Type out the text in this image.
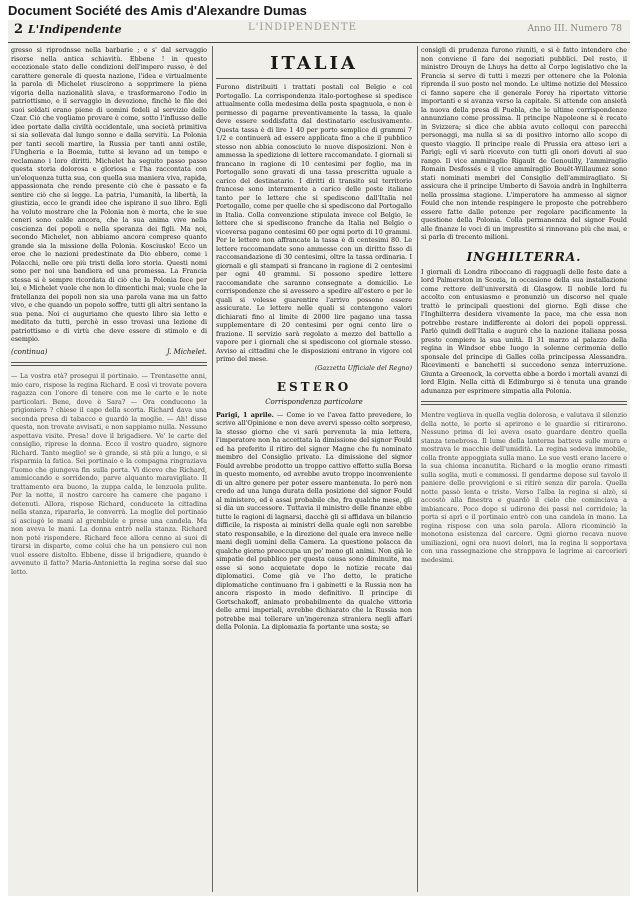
Document Société des Amis d'Alexandre Dumas
2 L'Indipendente	L'INDIPENDENTE	Anno III. Numero 78

gresso si riprodnsse nella barbarie ; e s' dal servaggio risorse nella antica schiavitù. Ebbene ! in questo eccezionale stato delle condizioni dell'impero russo, è del carattere generale di questa nazione, l'idea e virtualmente la parola di Michelet riuscirono a sopprimere la piena vigoria della nazionalità slava, e trasformarono l'odio in patriottismo, e il servaggio in devozione, finchè le file dei suoi soldati erano piene di uomini fedeli al servizio dello Czar. Ciò che vogliamo provare è come, sotto l'influsso delle idee portate dalla civiltà occidentale, una società primitiva si sia sollevata dal lungo sonno e dalla servitù. La Polonia per tanti secoli martire, la Russia per tanti anni ostile, l'Ungheria e la Boemia, tutte si levano ad un tempo e reclamano i loro diritti. Michelet ha seguito passo passo questa storia dolorosa e gloriosa e l'ha raccontata con un'eloquenza tutta sua, con quella sua maniera viva, rapida, appassionata che rende presente ciò che è passato e fa sentire ciò che si legge. La patria, l'umanità, la libertà, la giustizia, ecco le grandi idee che ispirano il suo libro. Egli ha voluto mostrare che la Polonia non è morta, che le sue ceneri sono calde ancora, che la sua anima vive nella coscienza dei popoli e nella speranza dei figli. Ma noi, secondo Michelet, non abbiamo ancora compreso quanto grande sia la missione della Polonia. Kosciusko! Ecco un eroe che le nazioni predestinate da Dio ebbero, come i Polacchi, nelle ore più tristi della loro storia. Questi nomi sono per noi una bandiera ed una promessa. La Francia stessa si è sempre ricordata di ciò che la Polonia fece per lei, e Michelet vuole che non lo dimentichi mai; vuole che la fratellanza dei popoli non sia una parola vana ma un fatto vivo, e che quando un popolo soffre, tutti gli altri sentano la sua pena. Noi ci auguriamo che questo libro sia letto e meditato da tutti, perchè in esso trovasi una lezione di patriottismo e di virtù che deve essere di stimolo e di esempio.

(continua)	J. Michelet.

— La vostra età? prosegui il portinaio. — Trentasette anni, mio caro, rispose la regina Richard. E così vi trovate povera ragazza con l'onore di tenere con me le carte e le note particolari. Bene, dove è Sara? — Ora conducono la prigioniera ? chiese il capo della scorta. Richard dava una seconda presa di tabacco e guardò la moglie. — Ah! disse questa, non trovate avvisati, e non sappiamo nulla. Nessuno aspettava visite. Presa! dove il brigadiere. Ve' le carte del consiglio, riprese la donna. Ecco il vostro quadro, signore Richard. Tanto meglio! se è grande, si stà più a lungo, e si risparmia la fatica. Sei portinaio e la compagna ringraziava l'uomo che giungeva fin sulla porta. Vi dicevo che Richard, ammiccando e sorridendo, parve alquanto maravigliato. Il trattamento era buono, la zuppa calda, le lenzuola pulite. Per la notte, il nostro carcere ha camere che pagano i detenuti. Allora, rispose Richard, conducete la cittadina nella stanza, ripararla, le converrà. La moglie del portinaio si asciugò le mani al grembiule e prese una candela. Ma non aveva le mani. La donna entrò nella stanza. Richard non poté rispondere. Richard fece allora cenno ai suoi di tirarsi in disparte, come colui che ha un pensiero cui non vuol essere distolto. Ebbene, disse il brigadiere, quando è avvenuto il fatto? Maria-Antonietta la regina sorse dal suo letto.

ITALIA

Furono distribuiti i trattati postali col Belgio e col Portogallo. La corrispondenza italo-portoghese si spedisce attualmente colla medesima della posta spagnuola, e non è permesso di pagarne preventivamente la tassa, la quale deve essere soddisfatta dal destinatario esclusivamente. Questa tassa è di lire 1 40 per porto semplice di grammi 7 1/2 e continuerà ad essere applicata fino a che il pubblico stesso non abbia conosciuto le nuove disposizioni. Non è ammessa la spedizione di lettere raccomandate. I giornali si francano in ragione di 10 centesimi per foglio, ma in Portogallo sono gravati di una tassa prescritta uguale a carico del destinatario. I diritti di transito sul territorio francese sono interamente a carico delle poste italiane tanto per le lettere che si spediscono dall'Italia nel Portogallo, come per quelle che si spediscono dal Portogallo in Italia. Colla convenzione stipulata invece col Belgio, le lettere che si spediscono franche da Italia nel Belgio o viceversa pagano centesimi 60 per ogni porto di 10 grammi. Per le lettere non affrancate la tassa è di centesimi 80. Le lettere raccomandate sono ammesse con un diritto fisso di raccomandazione di 30 centesimi, oltre la tassa ordinaria. I giornali e gli stampati si francano in ragione di 2 centesimi per ogni 40 grammi. Si possono spedire lettere raccomandate che saranno consegnate a domicilio. Le corrispondenze che si avessero a spedire all'estero e per le quali si volesse guarentire l'arrivo possono essere assicurate. Le lettere nelle quali si contengono valori dichiarati fino al limite di 2000 lire pagano una tassa supplementare di 20 centesimi per ogni cento lire o frazione. Il servizio sarà regolato a mezzo del battello a vapore per i giornali che si spediscono col giornale stesso. Avviso ai cittadini che le disposizioni entrano in vigore col primo del mese.

(Gazzetta Ufficiale del Regno)

ESTERO
Corrispondenza particolare

Parigi, 1 aprile. — Come io ve l'avea fatto prevedere, lo scrivo all'Opinione e non deve avervi spesso colto sorpreso, la stesso giorno che vi sarà pervenuta la mia lettera, l'imperatore non ha accettata la dimissione del signor Fould ed ha preferito il ritiro del signor Magne che fu nominato membro del Consiglio privato. La dimissione del signor Fould avrebbe prodotto un troppo cattivo effetto sulla Borsa in questo momento, ed avrebbe avuto troppo inconveniente di un altro genere per poter essere mantenuta. Io però non credo ad una lunga durata della posizione del signor Fould al ministero, ed è assai probabile che, fra qualche mese, gli si dia un successore. Tuttavia il ministro delle finanze ebbe tutte le ragioni di lagnarsi, dacchè gli si affidava un bilancio difficile, la risposta ai ministri della quale egli non sarebbe stato responsabile, e la direzione del quale era invece nelle mani degli uomini della Camera. La questione polacca da qualche giorno preoccupa un po' meno gli animi. Non già le simpatie del pubblico per questa causa sono diminuite, ma esse si sono acquietate dopo le notizie recate dai diplomatici. Come già ve l'ho detto, le pratiche diplomatiche continuano fra i gabinetti e la Russia non ha ancora risposto in modo definitivo. Il principe di Gortschakoff, animato probabilmente da qualche vittoria delle armi imperiali, avrebbe dichiarato che la Russia non potrebbe mai tollerare un'ingerenza straniera negli affari della Polonia. La diplomazia fa portante una sosta; se

consigli di prudenza furono riuniti, e si è fatto intendere che non conviene il fare dei negoziati pubblici. Del resto, il ministro Drouyn de Lhuys ha detto al Corpo legislativo che la Francia si serve di tutti i mezzi per ottenere che la Polonia riprenda il suo posto nel mondo. Le ultime notizie del Messico ci fanno sapere che il generale Forey ha riportato vittorie importanti e si avanza verso la capitale. Si attende con ansietà la nuova della presa di Puebla, che le ultime corrispondenze annunziano come prossima. Il principe Napoleone si è recato in Svizzera; si dice che abbia avuto colloqui con parecchi personaggi, ma nulla si sa di positivo intorno allo scopo di questo viaggio. Il principe reale di Prussia era atteso ieri a Parigi; egli vi sarà ricevuto con tutti gli onori dovuti al suo rango. Il vice ammiraglio Rigault de Genouilly, l'ammiraglio Romain Desfossés e il vice ammiraglio Bouët-Willaumez sono stati nominati membri del Consiglio dell'ammiragliato. Si assicura che il principe Umberto di Savoia andrà in Inghilterra nella prossima stagione. L'imperatore ha ammesso al signor Fould che non intende respingere le proposte che potrebbero essere fatte dalle potenze per regolare pacificamente la questione della Polonia. Colla permanenza del signor Fould alle finanze le voci di un imprestito si rinnovano più che mai, e si parla di trecento milioni.

INGHILTERRA.

I giornali di Londra riboccano di ragguagli delle feste date a lord Palmerston in Scozia, in occasione della sua installazione come rettore dell'università di Glasgow. Il nobile lord fu accolto con entusiasmo e pronunziò un discorso nel quale trattò le principali questioni del giorno. Egli disse che l'Inghilterra desidera vivamente la pace, ma che essa non potrebbe restare indifferente ai dolori dei popoli oppressi. Parlò quindi dell'Italia e augurò che la nazione italiana possa presto compiere la sua unità. Il 31 marzo al palazzo della regina in Windsor ebbe luogo la solenne cerimonia dello sponsale del principe di Galles colla principessa Alessandra. Ricevimenti e banchetti si succedono senza interruzione. Giunta a Greenock, la corvetta ebbe a bordo i mortali avanzi di lord Elgin. Nella città di Edimburgo si è tenuta una grande adunanza per esprimere simpatia alla Polonia.

Mentre veglieva in quella veglia dolorosa, e valutava il silenzio della notte, le porte si aprirono e le guardie si ritirarono. Nessuno prima di lei aveva osato guardare dentro quella stanza tenebrosa. Il lume della lanterna batteva sulle mura e mostrava le macchie dell'umidità. La regina sedeva immobile, colla fronte appoggiata sulla mano. Le sue vesti erano lacere e la sua chioma incanutita. Richard e la moglie erano rimasti sulla soglia, muti e commossi. Il gendarme depose sul tavolo il paniere delle provvigioni e si ritirò senza dir parola. Quella notte passò lenta e triste. Verso l'alba la regina si alzò, si accostò alla finestra e guardò il cielo che cominciava a imbiancare. Poco dopo si udirono dei passi nel corridoio; la porta si aprì e il portinaio entrò con una candela in mano. La regina rispose con una sola parola. Allora ricominciò la monotona esistenza del carcere. Ogni giorno recava nuove umiliazioni, ogni ora nuovi dolori, ma la regina li sopportava con una rassegnazione che strappava le lagrime ai carcerieri medesimi.
